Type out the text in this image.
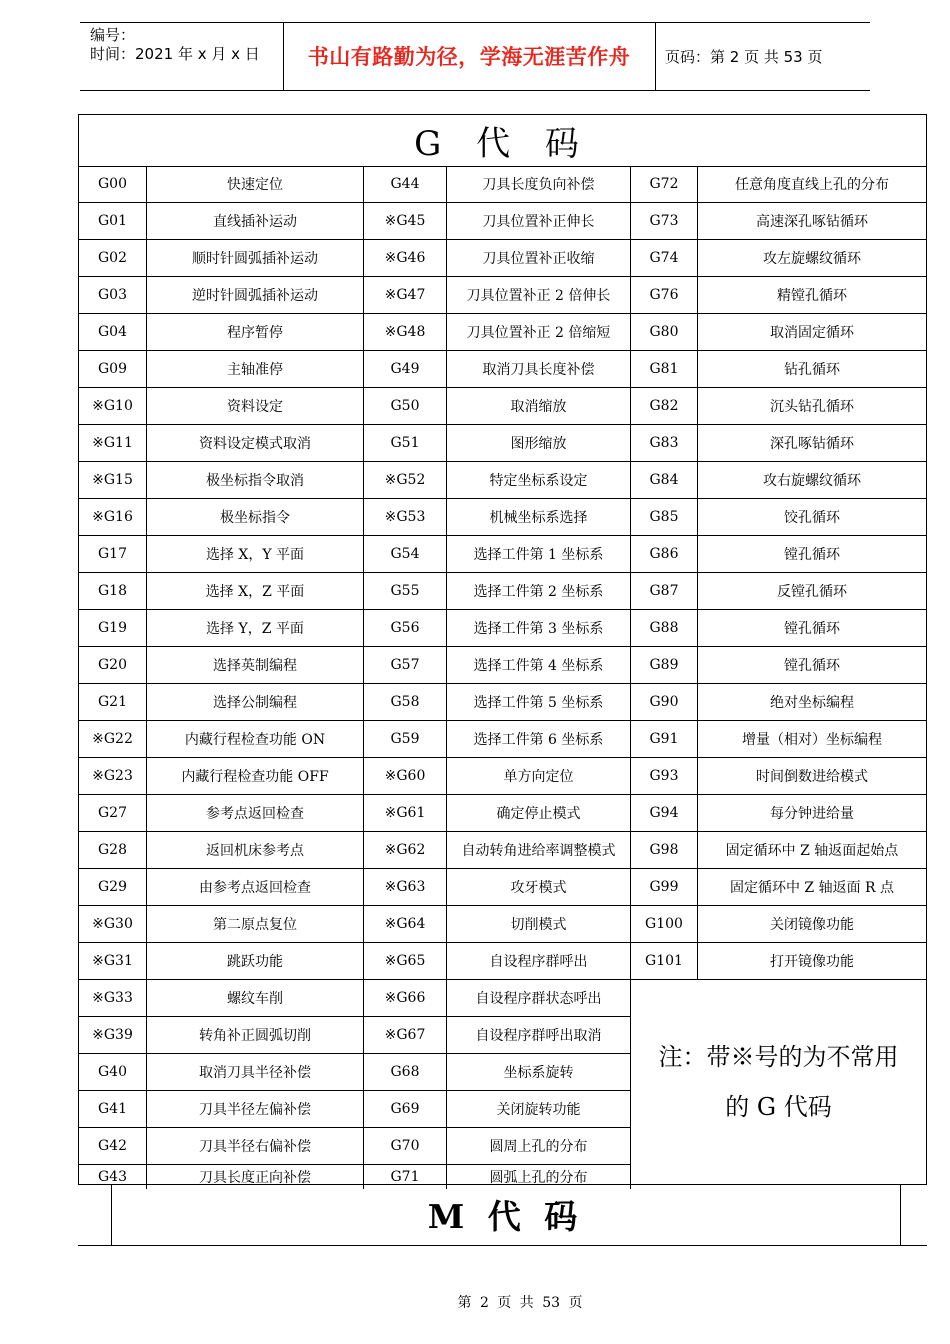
编号：
时间：2021 年 x 月 x 日	书山有路勤为径，学海无涯苦作舟	页码：第 2 页 共 53 页
G 代 码
注：带※号的为不常用
的 G 代码
G00	快速定位	G44	刀具长度负向补偿	G72	任意角度直线上孔的分布
G01	直线插补运动	※G45	刀具位置补正伸长	G73	高速深孔啄钻循环
G02	顺时针圆弧插补运动	※G46	刀具位置补正收缩	G74	攻左旋螺纹循环
G03	逆时针圆弧插补运动	※G47	刀具位置补正 2 倍伸长	G76	精镗孔循环
G04	程序暂停	※G48	刀具位置补正 2 倍缩短	G80	取消固定循环
G09	主轴准停	G49	取消刀具长度补偿	G81	钻孔循环
※G10	资料设定	G50	取消缩放	G82	沉头钻孔循环
※G11	资料设定模式取消	G51	图形缩放	G83	深孔啄钻循环
※G15	极坐标指令取消	※G52	特定坐标系设定	G84	攻右旋螺纹循环
※G16	极坐标指令	※G53	机械坐标系选择	G85	饺孔循环
G17	选择 X，Y 平面	G54	选择工件第 1 坐标系	G86	镗孔循环
G18	选择 X，Z 平面	G55	选择工件第 2 坐标系	G87	反镗孔循环
G19	选择 Y，Z 平面	G56	选择工件第 3 坐标系	G88	镗孔循环
G20	选择英制编程	G57	选择工件第 4 坐标系	G89	镗孔循环
G21	选择公制编程	G58	选择工件第 5 坐标系	G90	绝对坐标编程
※G22	内藏行程检查功能 ON	G59	选择工件第 6 坐标系	G91	增量（相对）坐标编程
※G23	内藏行程检查功能 OFF	※G60	单方向定位	G93	时间倒数进给模式
G27	参考点返回检查	※G61	确定停止模式	G94	每分钟进给量
G28	返回机床参考点	※G62	自动转角进给率调整模式	G98	固定循环中 Z 轴返面起始点
G29	由参考点返回检查	※G63	攻牙模式	G99	固定循环中 Z 轴返面 R 点
※G30	第二原点复位	※G64	切削模式	G100	关闭镜像功能
※G31	跳跃功能	※G65	自设程序群呼出	G101	打开镜像功能
※G33	螺纹车削	※G66	自设程序群状态呼出
※G39	转角补正圆弧切削	※G67	自设程序群呼出取消
G40	取消刀具半径补偿	G68	坐标系旋转
G41	刀具半径左偏补偿	G69	关闭旋转功能
G42	刀具半径右偏补偿	G70	圆周上孔的分布
G43	刀具长度正向补偿	G71	圆弧上孔的分布
M 代 码
第 2 页 共 53 页
